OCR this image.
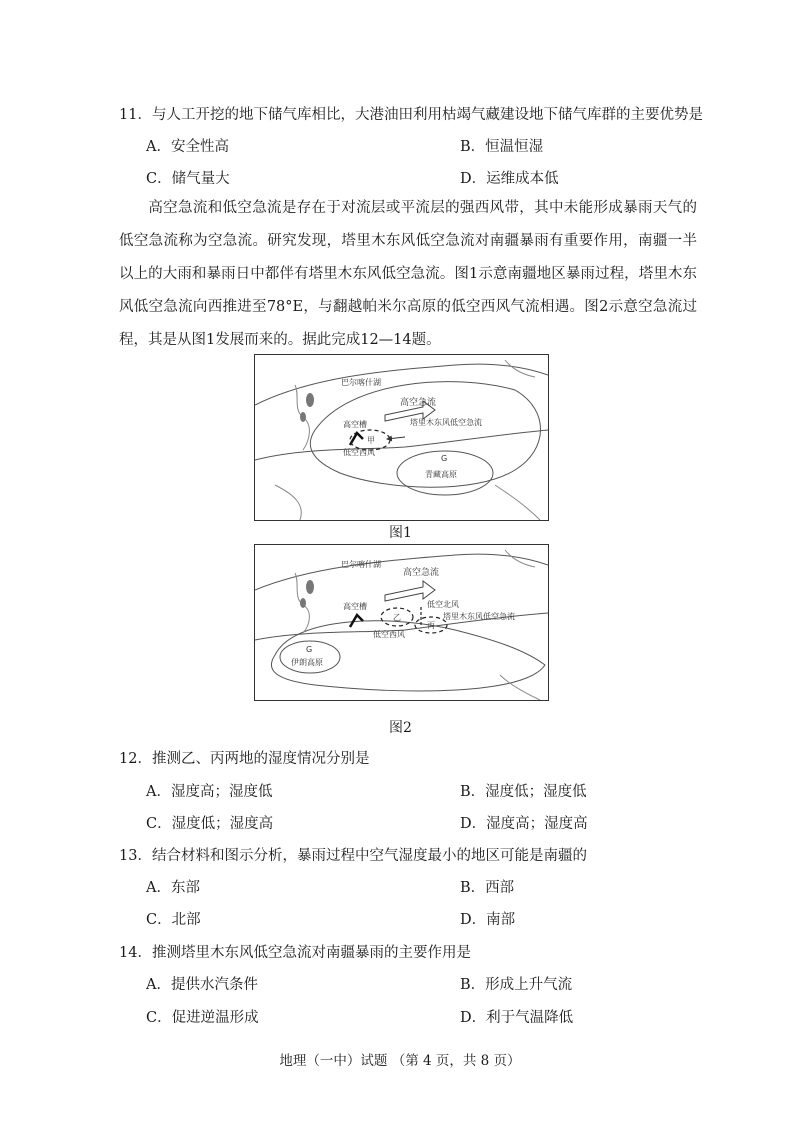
11．与人工开挖的地下储气库相比，大港油田利用枯竭气藏建设地下储气库群的主要优势是
A．安全性高	B．恒温恒湿
C．储气量大	D．运维成本低
高空急流和低空急流是存在于对流层或平流层的强西风带，其中未能形成暴雨天气的低空急流称为空急流。研究发现，塔里木东风低空急流对南疆暴雨有重要作用，南疆一半以上的大雨和暴雨日中都伴有塔里木东风低空急流。图1示意南疆地区暴雨过程，塔里木东风低空急流向西推进至78°E，与翻越帕米尔高原的低空西风气流相遇。图2示意空急流过程，其是从图1发展而来的。据此完成12—14题。
巴尔喀什湖
高空急流
高空槽	塔里木东风低空急流
甲
低空西风
G
青藏高原
图1
高空急流
巴尔喀什湖
高空槽	低空北风
塔里木东风低空急流
乙
丙
低空西风
G
伊朗高原
图2
12．推测乙、丙两地的湿度情况分别是
A．湿度高；湿度低	B．湿度低；湿度低
C．湿度低；湿度高	D．湿度高；湿度高
13．结合材料和图示分析，暴雨过程中空气湿度最小的地区可能是南疆的
A．东部	B．西部
C．北部	D．南部
14．推测塔里木东风低空急流对南疆暴雨的主要作用是
A．提供水汽条件	B．形成上升气流
C．促进逆温形成	D．利于气温降低
地理（一中）试题 （第 4 页，共 8 页）
